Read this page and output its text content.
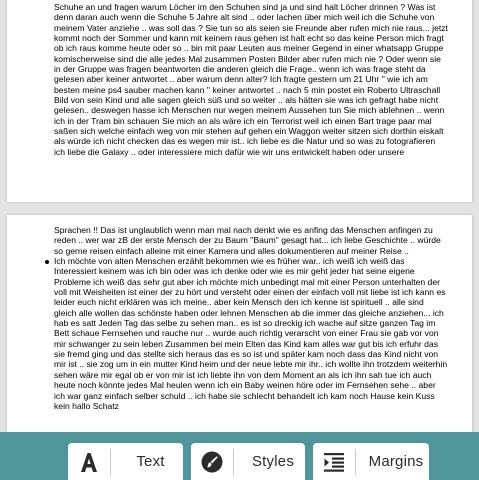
Schuhe an und fragen warum Löcher im den Schuhen sind ja und sind halt Löcher drinnen ? Was ist denn daran auch wenn die Schuhe 5 Jahre alt sind .. oder lachen über mich weil ich die Schuhe von meinem Vater anziehe .. was soll das ? Sie tun so als seien sie Freunde aber rufen mich nie raus... jetzt kommt noch der Sommer und kann mit keinem raus gehen ist halt echt so das keine Person mich fragt ob ich raus komme heute oder so .. bin mit paar Leuten aus meiner Gegend in einer whatsapp Gruppe komischerweise sind die alle jedes Mal zusammen Posten Bilder aber rufen mich nie ? Oder wenn sie in der Gruppe was fragen beantworten die anderen gleich die Frage.. wenn ich was frage steht da gelesen aber keiner antwortet .. aber warum denn alter? Ich fragte gestern um 21 Uhr " wie ich am besten meine ps4 sauber machen kann " keiner antwortet .. nach 5 min postet ein Roberto Ultraschall Bild von sein Kind und alle sagen gleich süß und so weiter .. als hätten sie was ich gefragt habe nicht gelesen.. deswegen hasse ich Menschen nur wegen meinem Aussehen tun Sie mich ablehnen .. wenn ich in der Tram bin schauen Sie mich an als wäre ich ein Terrorist weil ich einen Bart trage paar mal saßen sich welche einfach weg von mir stehen auf gehen ein Waggon weiter sitzen sich dorthin eiskalt als würde ich nicht checken das es wegen mir ist.. ich liebe es die Natur und so was zu fotografieren ich liebe die Galaxy .. oder interessiere mich dafür wie wir uns entwickelt haben oder unsere

Sprachen !! Das ist unglaublich wenn man mal nach denkt wie es anfing das Menschen anfingen zu reden .. wer war zB der erste Mensch der zu Baum "Baum" gesagt hat... ich liebe Geschichte .. würde so gerne reisen einfach alleine mit einer Kamera und alles dokumentieren auf meiner Reise ..

Ich möchte von alten Menschen erzählt bekommen wie es früher war.. ich weiß ich weiß das Interessiert keinem was ich bin oder was ich denke oder wie es mir geht jeder hat seine eigene Probleme ich weiß das sehr gut aber ich möchte mich unbedingt mal mit einer Person unterhalten der voll mit Weisheiten ist einer der zu hört und versteht oder einen der einfach voll mit liebe ist ich kann es leider euch nicht erklären was ich meine.. aber kein Mensch den ich kenne ist spirituell .. alle sind gleich alle wollen das schönste haben oder lehnen Menschen ab die immer das gleiche anziehen... ich hab es satt Jeden Tag das selbe zu sehen man.. es ist so dreckig ich wache auf sitze ganzen Tag im Bett schaue Fernsehen und rauche nur .. wurde auch richtig verarscht von einer Frau sie gab vor von mir schwanger zu sein leben Zusammen bei mein Elten das Kind kam alles war gut bis ich erfuhr das sie fremd ging und das stellte sich heraus das es so ist und später kam noch dass das Kind nicht von mir ist .. sie zog um in ein mutter Kind heim und der neue lebte mir ihr.. ich wollte ihn trotzdem weiterhin sehen wäre mir egal ob er von mir ist ich liebte ihn von dem Moment an als ich ihn sah tue ich auch heute noch könnte jedes Mal heulen wenn ich ein Baby weinen höre oder im Fernsehen sehe .. aber ich war ganz einfach selber schuld .. ich habe sie schlecht behandelt ich kam noch Hause kein Kuss kein hallo Schatz

Text	Styles	Margins
